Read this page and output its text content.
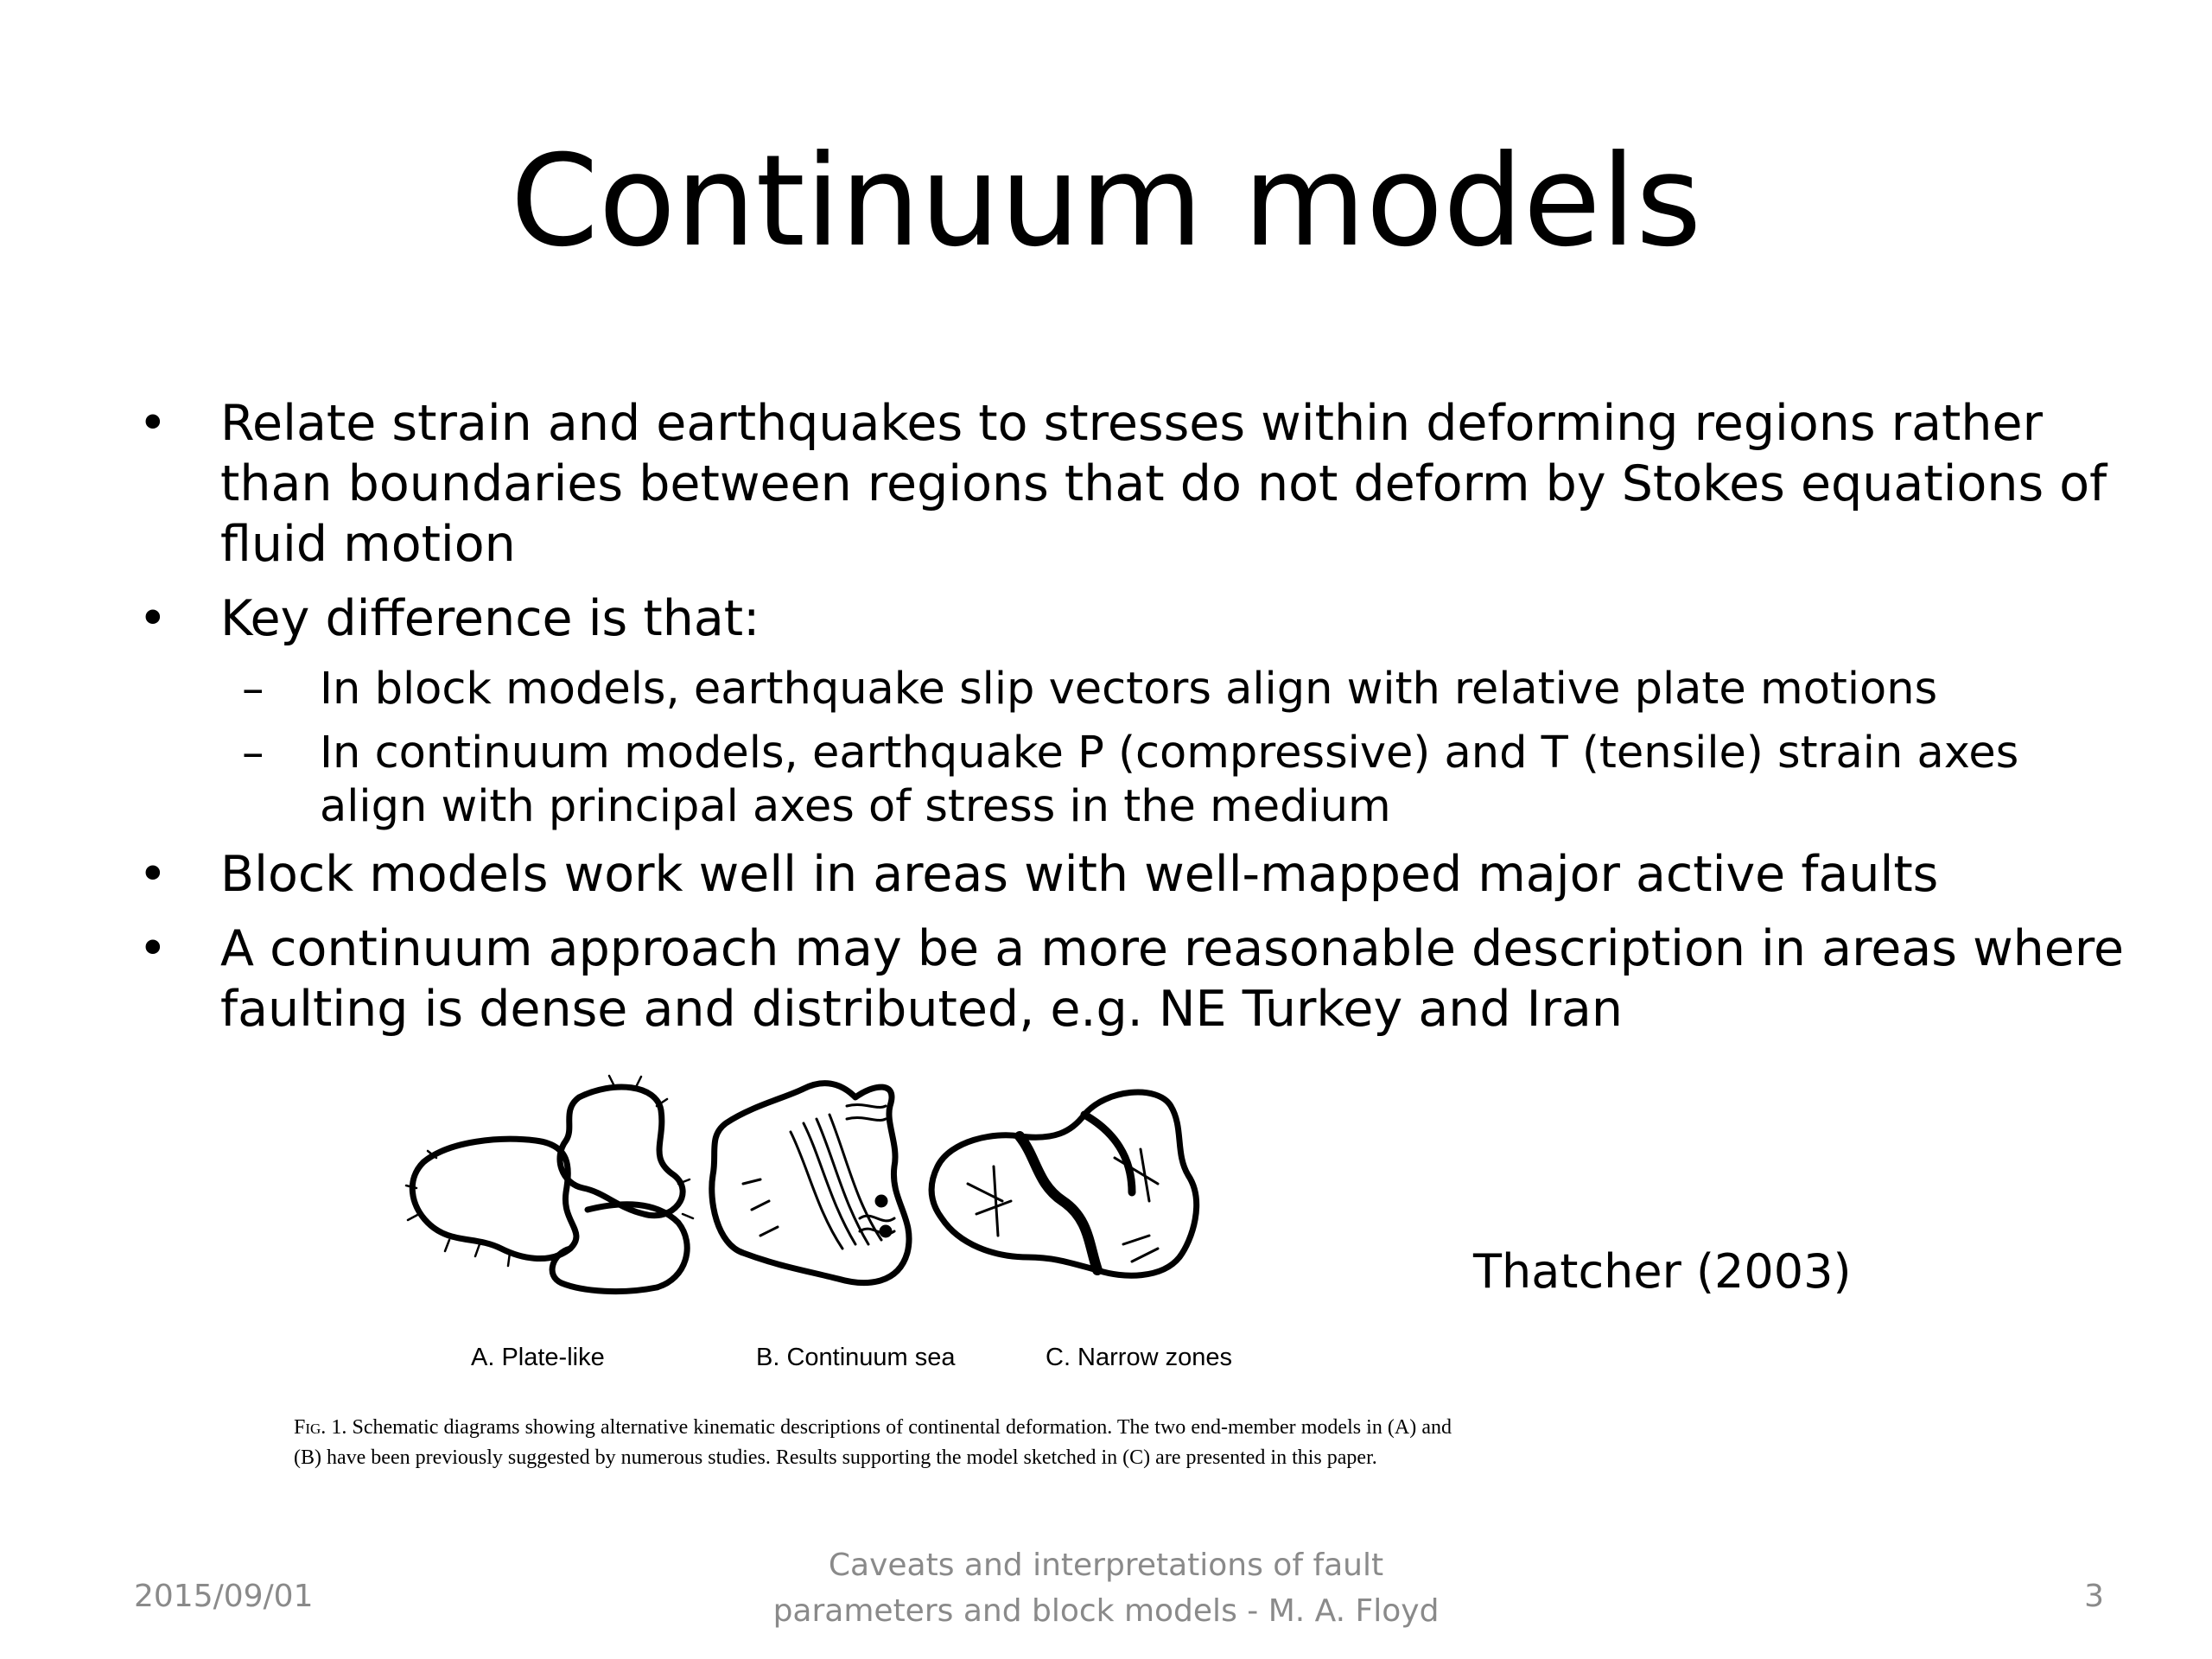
Continuum models
• Relate strain and earthquakes to stresses within deforming regions rather than boundaries between regions that do not deform by Stokes equations of fluid motion
• Key difference is that:
– In block models, earthquake slip vectors align with relative plate motions
– In continuum models, earthquake P (compressive) and T (tensile) strain axes align with principal axes of stress in the medium
• Block models work well in areas with well-mapped major active faults
• A continuum approach may be a more reasonable description in areas where faulting is dense and distributed, e.g. NE Turkey and Iran
A. Plate-like	B. Continuum sea	C. Narrow zones
Fig. 1. Schematic diagrams showing alternative kinematic descriptions of continental deformation. The two end-member models in (A) and (B) have been previously suggested by numerous studies. Results supporting the model sketched in (C) are presented in this paper.
Thatcher (2003)
2015/09/01
Caveats and interpretations of fault
parameters and block models - M. A. Floyd	3
